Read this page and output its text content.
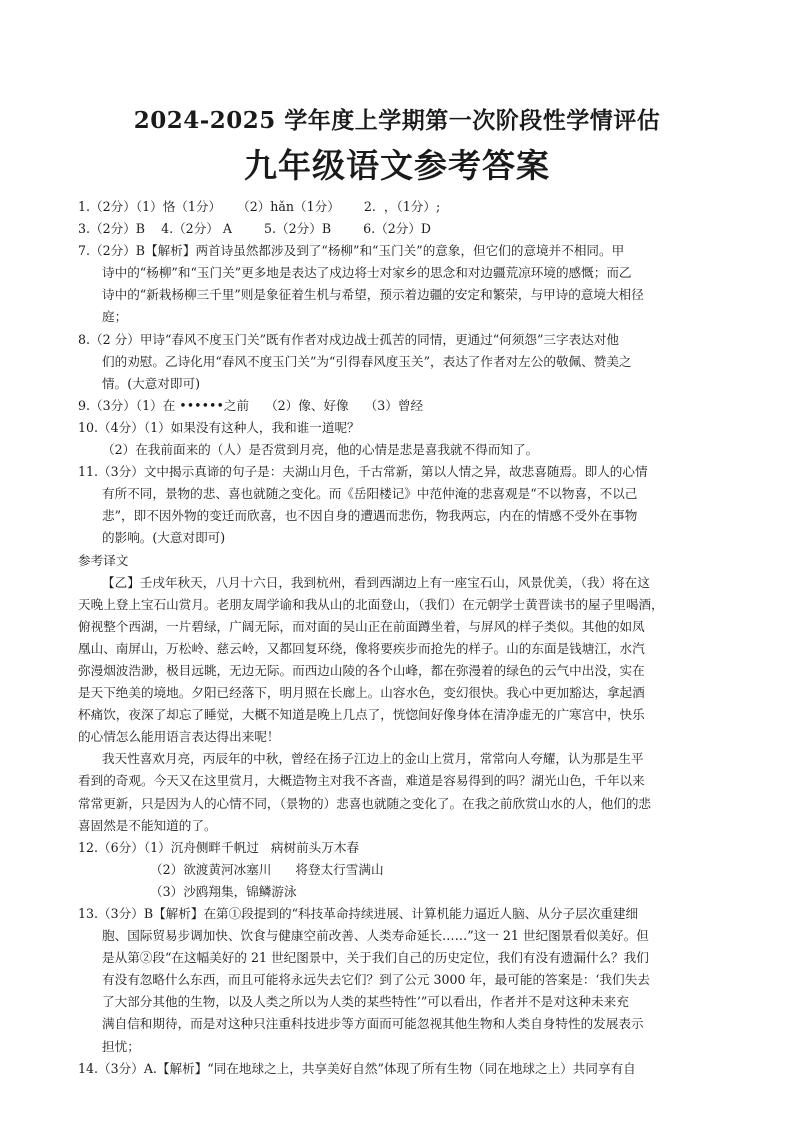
2024-2025 学年度上学期第一次阶段性学情评估
九年级语文参考答案
1.（2分）（1）恪（1分）    （2）hǎn（1分）      2.  ，（1分）;
3.（2分）B    4.（2分） A        5.（2分）B        6.（2分）D
7.（2分）B【解析】两首诗虽然都涉及到了“杨柳”和“玉门关”的意象，但它们的意境并不相同。甲
诗中的“杨柳”和“玉门关”更多地是表达了戍边将士对家乡的思念和对边疆荒凉环境的感慨；而乙
诗中的“新栽杨柳三千里”则是象征着生机与希望，预示着边疆的安定和繁荣，与甲诗的意境大相径
庭；
8.（2 分）甲诗“春风不度玉门关”既有作者对戍边战士孤苦的同情，更通过“何须怨”三字表达对他
们的劝慰。乙诗化用“春风不度玉门关”为“引得春风度玉关”，表达了作者对左公的敬佩、赞美之
情。(大意对即可)
9.（3分）（1）在 ••••••之前    （2）像、好像    （3）曾经
10.（4分）（1）如果没有这种人，我和谁一道呢？
（2）在我前面来的（人）是否赏到月亮，他的心情是悲是喜我就不得而知了。
11.（3分）文中揭示真谛的句子是：夫湖山月色，千古常新，第以人情之异，故悲喜随焉。即人的心情
有所不同，景物的悲、喜也就随之变化。而《岳阳楼记》中范仲淹的悲喜观是“不以物喜，不以己
悲”，即不因外物的变迁而欣喜，也不因自身的遭遇而悲伤，物我两忘，内在的情感不受外在事物
的影响。(大意对即可)
参考译文
【乙】壬戌年秋天，八月十六日，我到杭州，看到西湖边上有一座宝石山，风景优美，（我）将在这
天晚上登上宝石山赏月。老朋友周学谕和我从山的北面登山，（我们）在元朝学士黄晋读书的屋子里喝酒，
俯视整个西湖，一片碧绿，广阔无际，而对面的吴山正在前面蹲坐着，与屏风的样子类似。其他的如凤
凰山、南屏山，万松岭、慈云岭，又都回复环绕，像将要疾步而抢先的样子。山的东面是钱塘江，水汽
弥漫烟波浩渺，极目远眺，无边无际。而西边山陵的各个山峰，都在弥漫着的绿色的云气中出没，实在
是天下绝美的境地。夕阳已经落下，明月照在长廊上。山容水色，变幻很快。我心中更加豁达，拿起酒
杯痛饮，夜深了却忘了睡觉，大概不知道是晚上几点了，恍惚间好像身体在清净虚无的广寒宫中，快乐
的心情怎么能用语言表达得出来呢！
我天性喜欢月亮，丙辰年的中秋，曾经在扬子江边上的金山上赏月，常常向人夸耀，认为那是生平
看到的奇观。今天又在这里赏月，大概造物主对我不吝啬，难道是容易得到的吗？湖光山色，千年以来
常常更新，只是因为人的心情不同，（景物的）悲喜也就随之变化了。在我之前欣赏山水的人，他们的悲
喜固然是不能知道的了。
12.（6分）（1）沉舟侧畔千帆过   病树前头万木春
（2）欲渡黄河冰塞川      将登太行雪满山
（3）沙鸥翔集，锦鳞游泳
13.（3分）B【解析】在第①段提到的“科技革命持续进展、计算机能力逼近人脑、从分子层次重建细
胞、国际贸易步调加快、饮食与健康空前改善、人类寿命延长……”这一 21 世纪图景看似美好。但
是从第②段“在这幅美好的 21 世纪图景中，关于我们自己的历史定位，我们有没有遗漏什么？我们
有没有忽略什么东西，而且可能将永远失去它们？到了公元 3000 年，最可能的答案是：‘我们失去
了大部分其他的生物，以及人类之所以为人类的某些特性’”可以看出，作者并不是对这种未来充
满自信和期待，而是对这种只注重科技进步等方面而可能忽视其他生物和人类自身特性的发展表示
担忧；
14.（3分）A.【解析】“同在地球之上，共享美好自然”体现了所有生物（同在地球之上）共同享有自
